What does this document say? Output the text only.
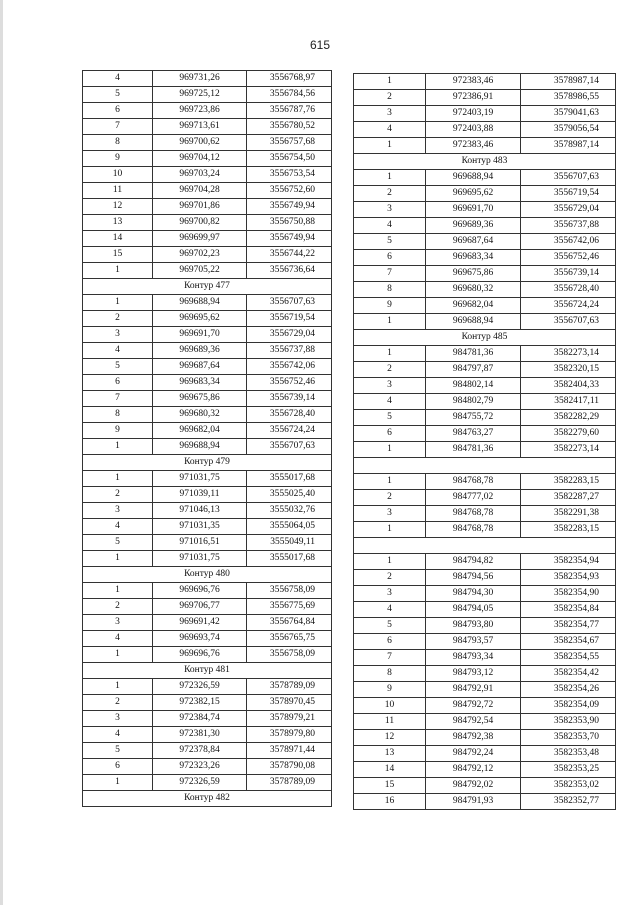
615
4	969731,26	3556768,97
5	969725,12	3556784,56
6	969723,86	3556787,76
7	969713,61	3556780,52
8	969700,62	3556757,68
9	969704,12	3556754,50
10	969703,24	3556753,54
11	969704,28	3556752,60
12	969701,86	3556749,94
13	969700,82	3556750,88
14	969699,97	3556749,94
15	969702,23	3556744,22
1	969705,22	3556736,64
Контур 477		
1	969688,94	3556707,63
2	969695,62	3556719,54
3	969691,70	3556729,04
4	969689,36	3556737,88
5	969687,64	3556742,06
6	969683,34	3556752,46
7	969675,86	3556739,14
8	969680,32	3556728,40
9	969682,04	3556724,24
1	969688,94	3556707,63
Контур 479		
1	971031,75	3555017,68
2	971039,11	3555025,40
3	971046,13	3555032,76
4	971031,35	3555064,05
5	971016,51	3555049,11
1	971031,75	3555017,68
Контур 480		
1	969696,76	3556758,09
2	969706,77	3556775,69
3	969691,42	3556764,84
4	969693,74	3556765,75
1	969696,76	3556758,09
Контур 481		
1	972326,59	3578789,09
2	972382,15	3578970,45
3	972384,74	3578979,21
4	972381,30	3578979,80
5	972378,84	3578971,44
6	972323,26	3578790,08
1	972326,59	3578789,09
Контур 482		
1	972383,46	3578987,14
2	972386,91	3578986,55
3	972403,19	3579041,63
4	972403,88	3579056,54
1	972383,46	3578987,14
Контур 483		
1	969688,94	3556707,63
2	969695,62	3556719,54
3	969691,70	3556729,04
4	969689,36	3556737,88
5	969687,64	3556742,06
6	969683,34	3556752,46
7	969675,86	3556739,14
8	969680,32	3556728,40
9	969682,04	3556724,24
1	969688,94	3556707,63
Контур 485		
1	984781,36	3582273,14
2	984797,87	3582320,15
3	984802,14	3582404,33
4	984802,79	3582417,11
5	984755,72	3582282,29
6	984763,27	3582279,60
1	984781,36	3582273,14

1	984768,78	3582283,15
2	984777,02	3582287,27
3	984768,78	3582291,38
1	984768,78	3582283,15

1	984794,82	3582354,94
2	984794,56	3582354,93
3	984794,30	3582354,90
4	984794,05	3582354,84
5	984793,80	3582354,77
6	984793,57	3582354,67
7	984793,34	3582354,55
8	984793,12	3582354,42
9	984792,91	3582354,26
10	984792,72	3582354,09
11	984792,54	3582353,90
12	984792,38	3582353,70
13	984792,24	3582353,48
14	984792,12	3582353,25
15	984792,02	3582353,02
16	984791,93	3582352,77
